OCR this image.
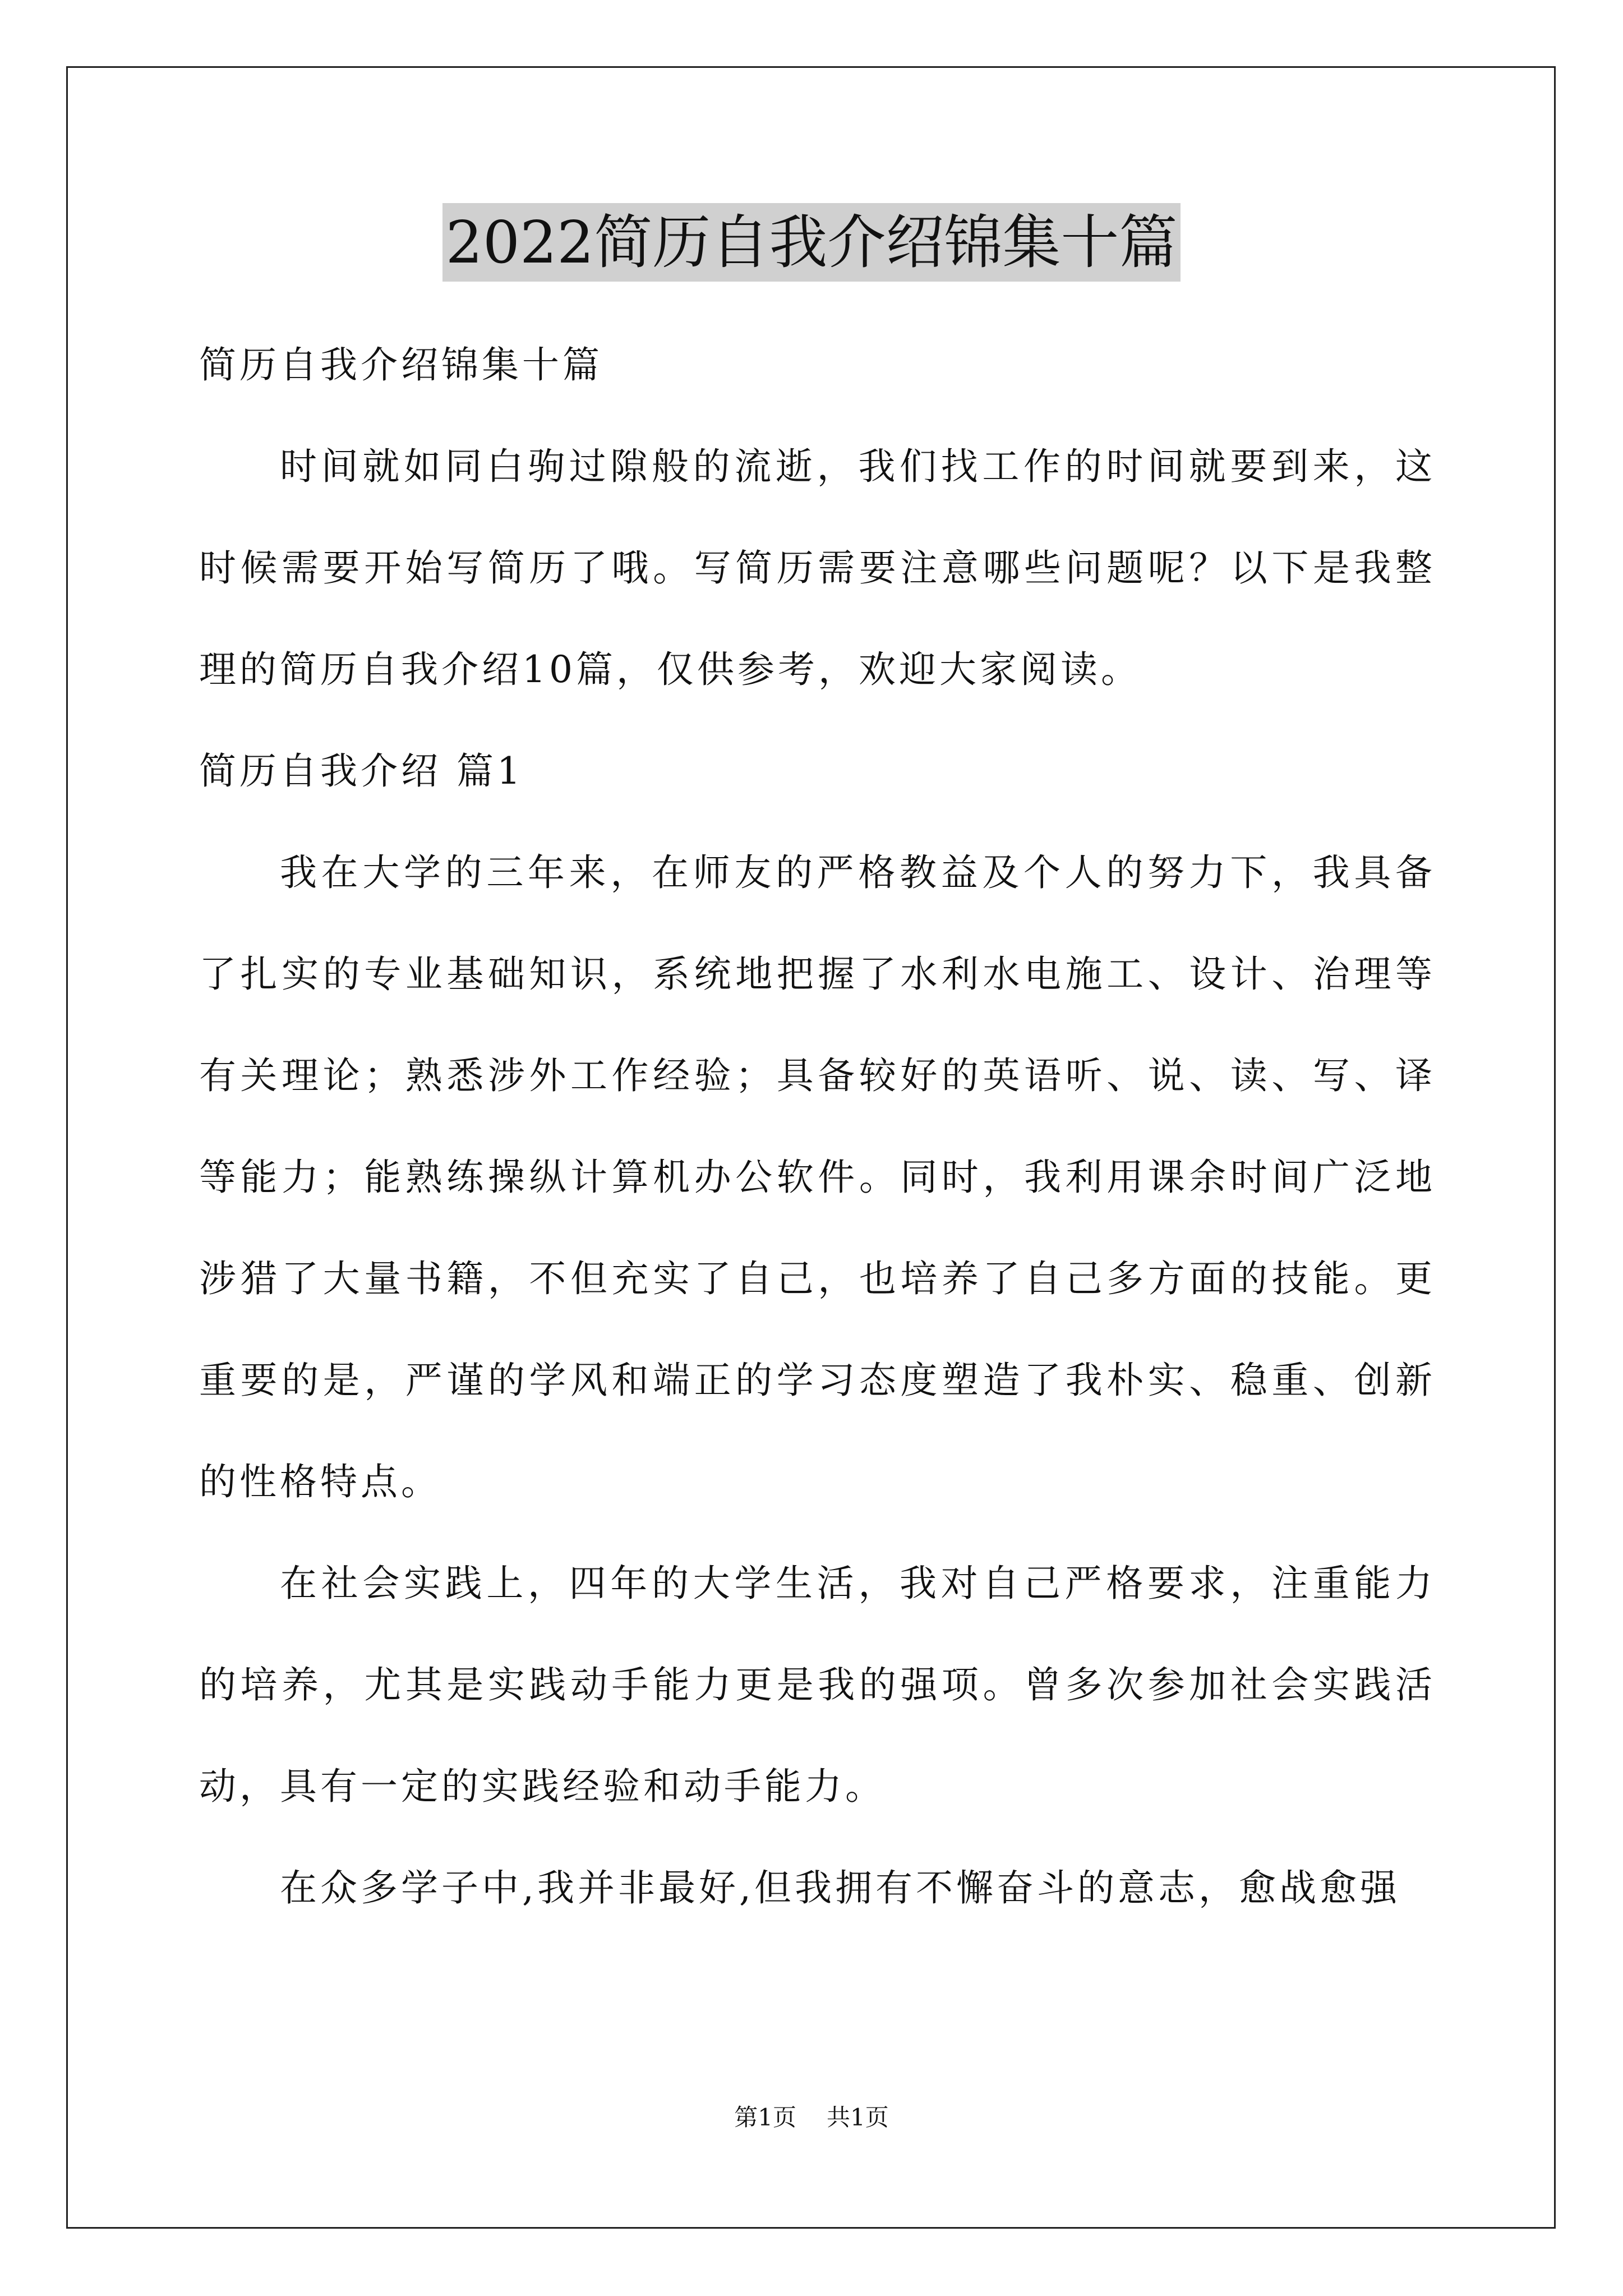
2022简历自我介绍锦集十篇

简历自我介绍锦集十篇

时间就如同白驹过隙般的流逝，我们找工作的时间就要到来，这时候需要开始写简历了哦。写简历需要注意哪些问题呢？以下是我整理的简历自我介绍10篇，仅供参考，欢迎大家阅读。

简历自我介绍 篇1

我在大学的三年来，在师友的严格教益及个人的努力下，我具备了扎实的专业基础知识，系统地把握了水利水电施工、设计、治理等有关理论；熟悉涉外工作经验；具备较好的英语听、说、读、写、译等能力；能熟练操纵计算机办公软件。同时，我利用课余时间广泛地涉猎了大量书籍，不但充实了自己，也培养了自己多方面的技能。更重要的是，严谨的学风和端正的学习态度塑造了我朴实、稳重、创新的性格特点。

在社会实践上，四年的大学生活，我对自己严格要求，注重能力的培养，尤其是实践动手能力更是我的强项。曾多次参加社会实践活动，具有一定的实践经验和动手能力。

在众多学子中,我并非最好,但我拥有不懈奋斗的意志，愈战愈强

第1页 共1页
